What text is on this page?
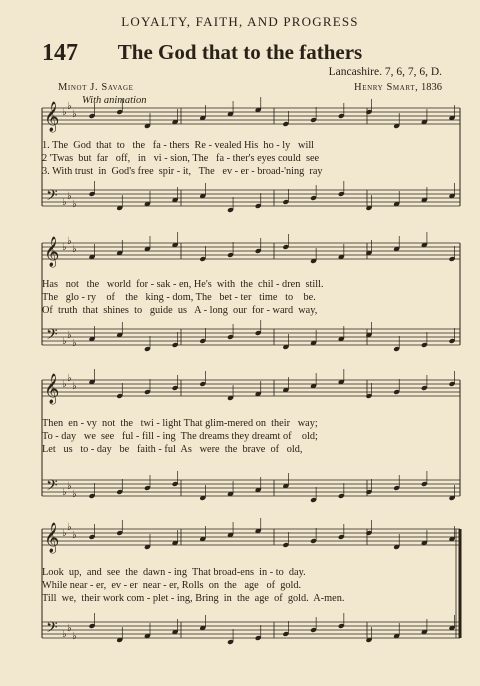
LOYALTY, FAITH, AND PROGRESS
147	The God that to the fathers
Lancashire. 7, 6, 7, 6, D.
Minot J. Savage	Henry Smart, 1836
With animation
𝄞
𝄢
♭
♭
♭
♭
♭
♭
𝄞
𝄢
♭
♭
♭
♭
♭
♭
𝄞
𝄢
♭
♭
♭
♭
♭
♭
𝄞
𝄢
♭
♭
♭
♭
♭
♭
1. The  God  that  to   the   fa - thers  Re - vealed His  ho - ly   will
2 'Twas  but  far   off,   in   vi - sion, The   fa - ther's eyes could  see
3. With trust  in  God's free  spir - it,   The   ev - er - broad-'ning  ray
Has   not   the   world  for - sak - en, He's  with  the  chil - dren  still.
The   glo - ry    of    the   king - dom, The   bet - ter   time   to    be.
Of  truth  that  shines  to   guide  us   A - long  our  for - ward  way,
Then  en - vy  not  the   twi - light That glim-mered on  their   way;
To - day   we  see   ful - fill - ing  The dreams they dreamt of    old;
Let   us   to - day   be   faith - ful  As   were  the  brave  of   old,
Look  up,  and  see  the  dawn - ing  That broad-ens  in - to  day.
While near - er,  ev - er  near - er, Rolls  on  the   age   of  gold.
Till  we,  their work com - plet - ing, Bring  in  the  age  of  gold.  A-men.
